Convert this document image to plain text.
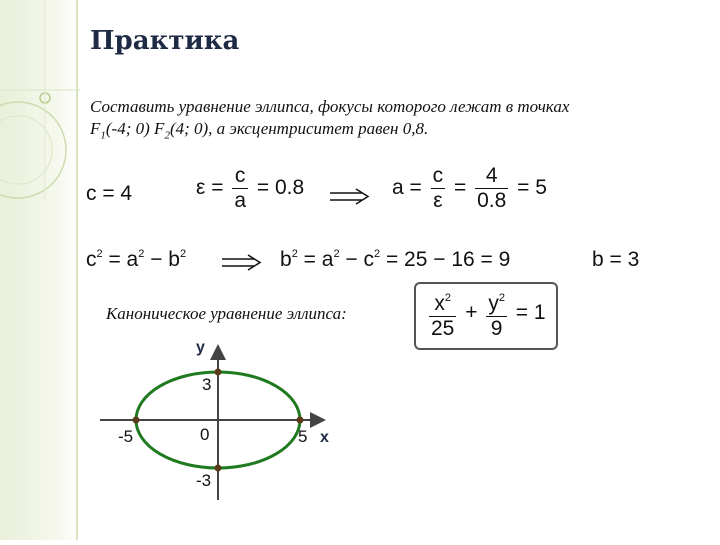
Практика
Составить уравнение эллипса, фокусы которого лежат в точках
$F_1(-4$; 0) $F_2(4$; 0), а эксцентриситет равен 0,8.
c = 4	$\varepsilon = \frac{c}{a} = 0.8$	$a = \frac{c}{\varepsilon} = \frac{4}{0.8} = 5$
$c^2 = a^2 - b^2$	$b^2 = a^2 - c^2 = 25 - 16 = 9$	b = 3
Каноническое уравнение эллипса:	$\frac{x^2}{25} + \frac{y^2}{9} = 1$
y
x
3
-3
-5	5
0
